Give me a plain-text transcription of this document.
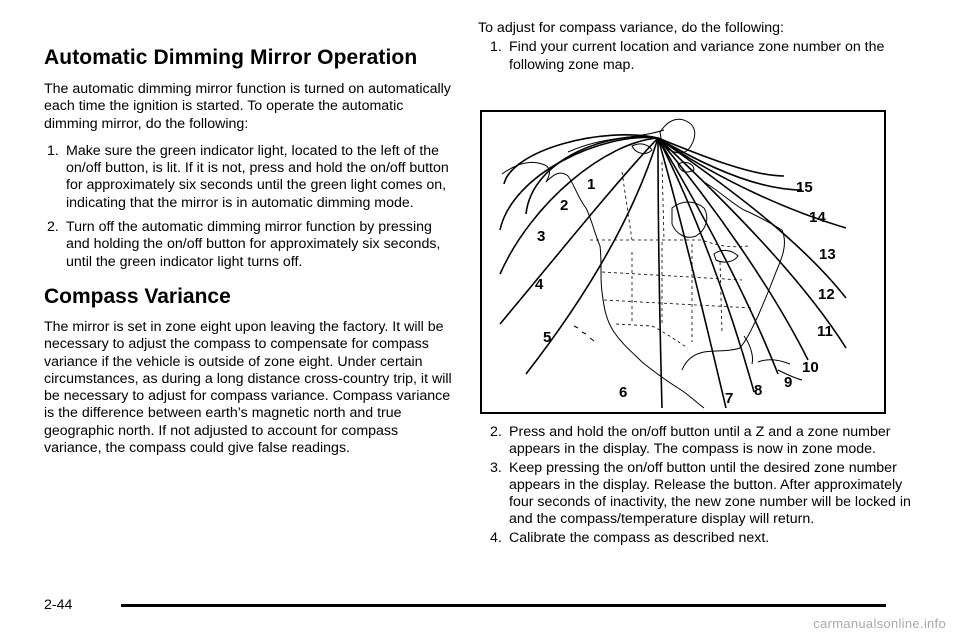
Automatic Dimming Mirror Operation

The automatic dimming mirror function is turned on automatically each time the ignition is started. To operate the automatic dimming mirror, do the following:

1. Make sure the green indicator light, located to the left of the on/off button, is lit. If it is not, press and hold the on/off button for approximately six seconds until the green light comes on, indicating that the mirror is in automatic dimming mode.
2. Turn off the automatic dimming mirror function by pressing and holding the on/off button for approximately six seconds, until the green indicator light turns off.
Compass Variance

The mirror is set in zone eight upon leaving the factory. It will be necessary to adjust the compass to compensate for compass variance if the vehicle is outside of zone eight. Under certain circumstances, as during a long distance cross-country trip, it will be necessary to adjust for compass variance. Compass variance is the difference between earth’s magnetic north and true geographic north. If not adjusted to account for compass variance, the compass could give false readings.

To adjust for compass variance, do the following:

1. Find your current location and variance zone number on the following zone map.
1
2
3
4
5
6	7 8 9
10
11
12
13
14
15
2. Press and hold the on/off button until a Z and a zone number appears in the display. The compass is now in zone mode.
3. Keep pressing the on/off button until the desired zone number appears in the display. Release the button. After approximately four seconds of inactivity, the new zone number will be locked in and the compass/temperature display will return.
4. Calibrate the compass as described next.
2-44
carmanualsonline.info
